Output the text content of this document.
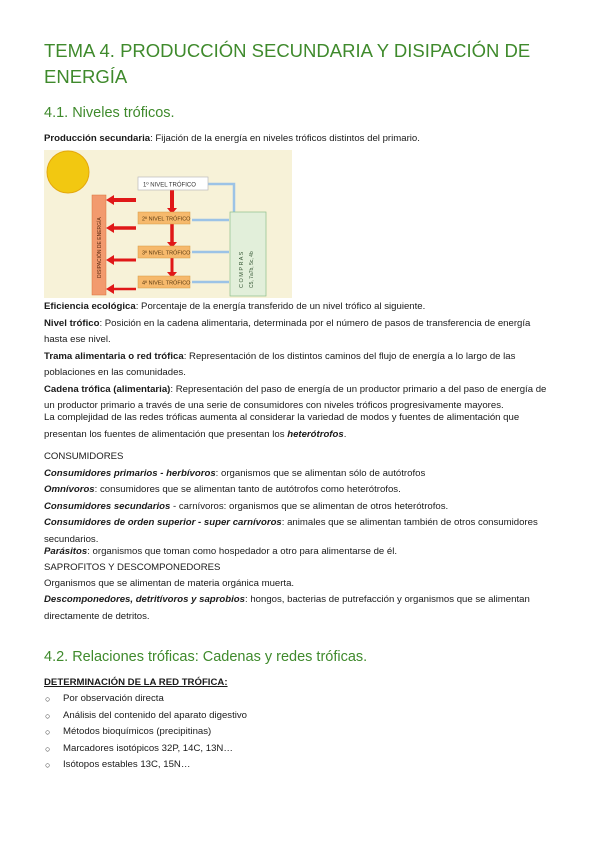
TEMA 4. PRODUCCIÓN SECUNDARIA Y DISIPACIÓN DE ENERGÍA
4.1. Niveles tróficos.
Producción secundaria: Fijación de la energía en niveles tróficos distintos del primario.
DISIPACIÓN DE ENERGÍA
1º NIVEL TRÓFICO
2º NIVEL TRÓFICO
3º NIVEL TRÓFICO
4º NIVEL TRÓFICO	C O M P R A S C5, 7a7b, 5c, 4b
Eficiencia ecológica: Porcentaje de la energía transferido de un nivel trófico al siguiente.
Nivel trófico: Posición en la cadena alimentaria, determinada por el número de pasos de transferencia de energía hasta ese nivel.
Trama alimentaria o red trófica: Representación de los distintos caminos del flujo de energía a lo largo de las poblaciones en las comunidades.
Cadena trófica (alimentaria): Representación del paso de energía de un productor primario a del paso de energía de un productor primario a través de una serie de consumidores con niveles tróficos progresivamente mayores.
La complejidad de las redes tróficas aumenta al considerar la variedad de modos y fuentes de alimentación que presentan los fuentes de alimentación que presentan los heterótrofos.
CONSUMIDORES
Consumidores primarios - herbívoros: organismos que se alimentan sólo de autótrofos
Omnívoros: consumidores que se alimentan tanto de autótrofos como heterótrofos.
Consumidores secundarios - carnívoros: organismos que se alimentan de otros heterótrofos.
Consumidores de orden superior - super carnívoros: animales que se alimentan también de otros consumidores secundarios.
Parásitos: organismos que toman como hospedador a otro para alimentarse de él.
SAPROFITOS Y DESCOMPONEDORES
Organismos que se alimentan de materia orgánica muerta.
Descomponedores, detritívoros y saprobios: hongos, bacterias de putrefacción y organismos que se alimentan directamente de detritos.
4.2. Relaciones tróficas: Cadenas y redes tróficas.
DETERMINACIÓN DE LA RED TRÓFICA:
○ Por observación directa
○ Análisis del contenido del aparato digestivo
○ Métodos bioquímicos (precipitinas)
○ Marcadores isotópicos 32P, 14C, 13N…
○ Isótopos estables 13C, 15N…
